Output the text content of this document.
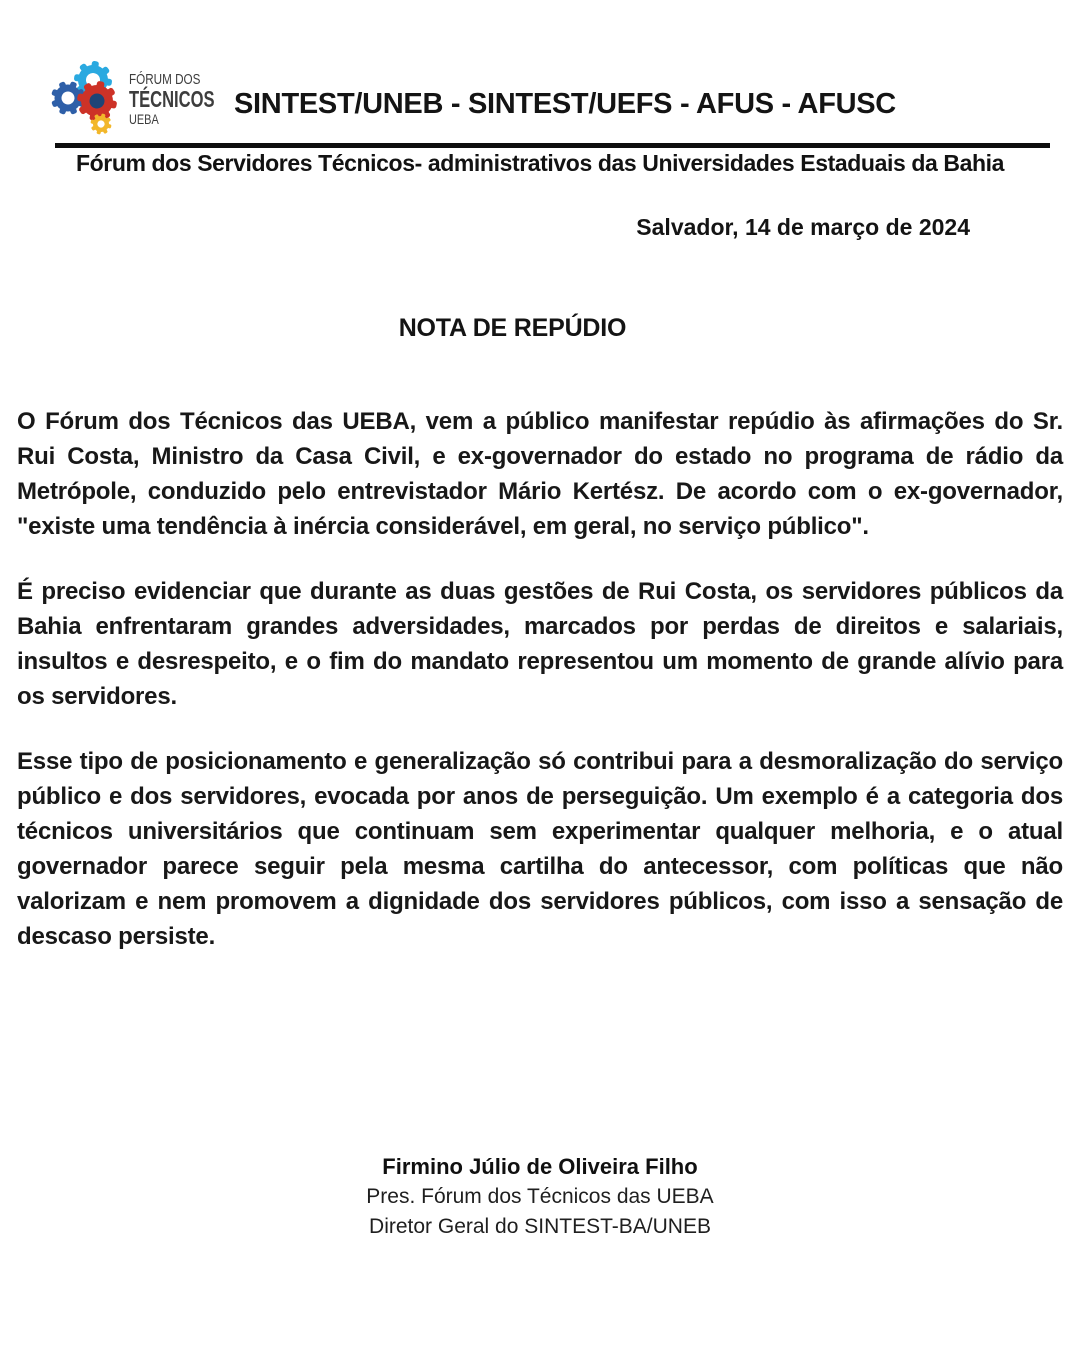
FÓRUM DOS
TÉCNICOS
UEBA	SINTEST/UNEB - SINTEST/UEFS - AFUS - AFUSC
Fórum dos Servidores Técnicos- administrativos das Universidades Estaduais da Bahia
Salvador, 14 de março de 2024
NOTA DE REPÚDIO

O Fórum dos Técnicos das UEBA, vem a público manifestar repúdio às afirmações do Sr. Rui Costa, Ministro da Casa Civil, e ex-governador do estado no programa de rádio da Metrópole, conduzido pelo entrevistador Mário Kertész. De acordo com o ex-governador, "existe uma tendência à inércia considerável, em geral, no serviço público".

É preciso evidenciar que durante as duas gestões de Rui Costa, os servidores públicos da Bahia enfrentaram grandes adversidades, marcados por perdas de direitos e salariais, insultos e desrespeito, e o fim do mandato representou um momento de grande alívio para os servidores.

Esse tipo de posicionamento e generalização só contribui para a desmoralização do serviço público e dos servidores, evocada por anos de perseguição. Um exemplo é a categoria dos técnicos universitários que continuam sem experimentar qualquer melhoria, e o atual governador parece seguir pela mesma cartilha do antecessor, com políticas que não valorizam e nem promovem a dignidade dos servidores públicos, com isso a sensação de descaso persiste.

Firmino Júlio de Oliveira Filho
Pres. Fórum dos Técnicos das UEBA
Diretor Geral do SINTEST-BA/UNEB
